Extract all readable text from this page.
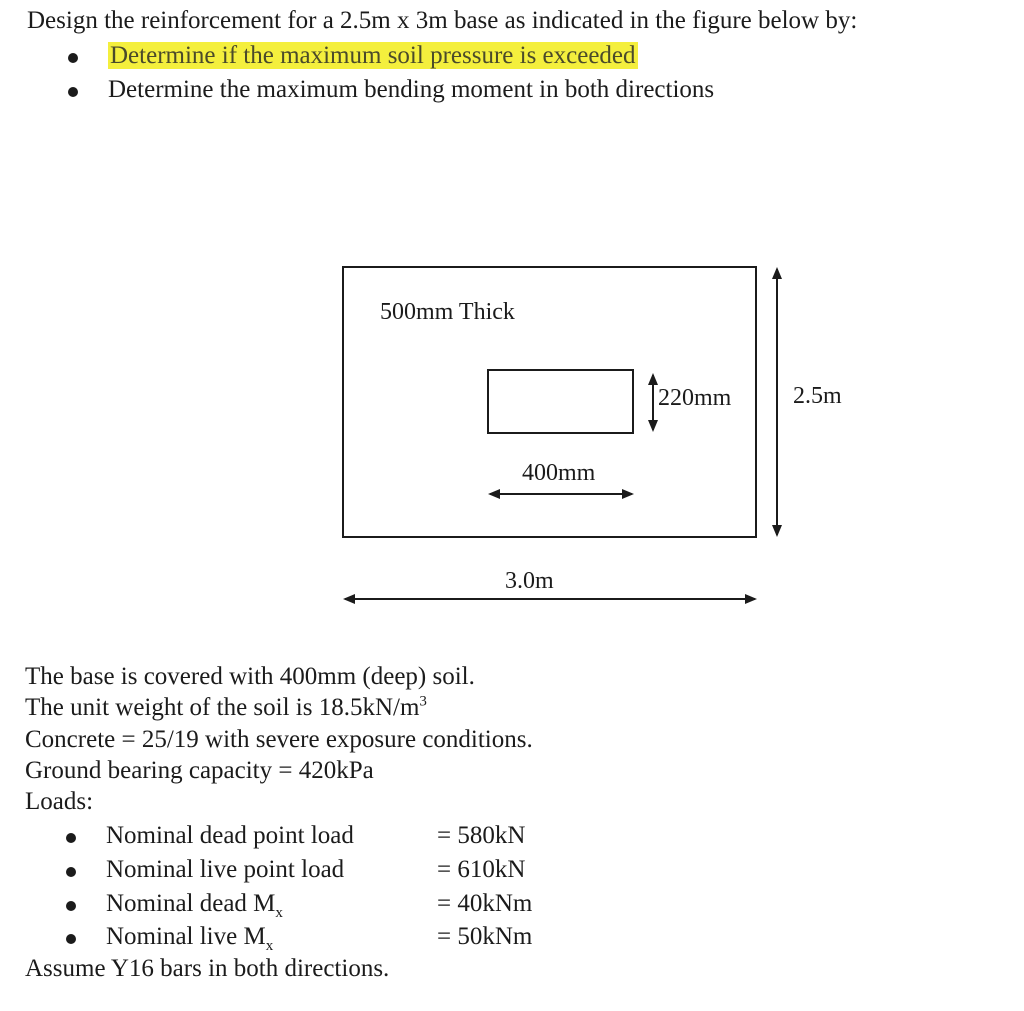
Design the reinforcement for a 2.5m x 3m base as indicated in the figure below by:
Determine if the maximum soil pressure is exceeded
Determine the maximum bending moment in both directions
500mm Thick
220mm
400mm
2.5m
3.0m
The base is covered with 400mm (deep) soil.
The unit weight of the soil is $18.5kN/m^3$
Concrete = 25/19 with severe exposure conditions.
Ground bearing capacity = 420kPa
Loads:
Nominal dead point load	= 580kN
Nominal live point load	= 610kN
Nominal dead $M_x$	= 40kNm
Nominal live $M_x$	= 50kNm
Assume Y16 bars in both directions.
